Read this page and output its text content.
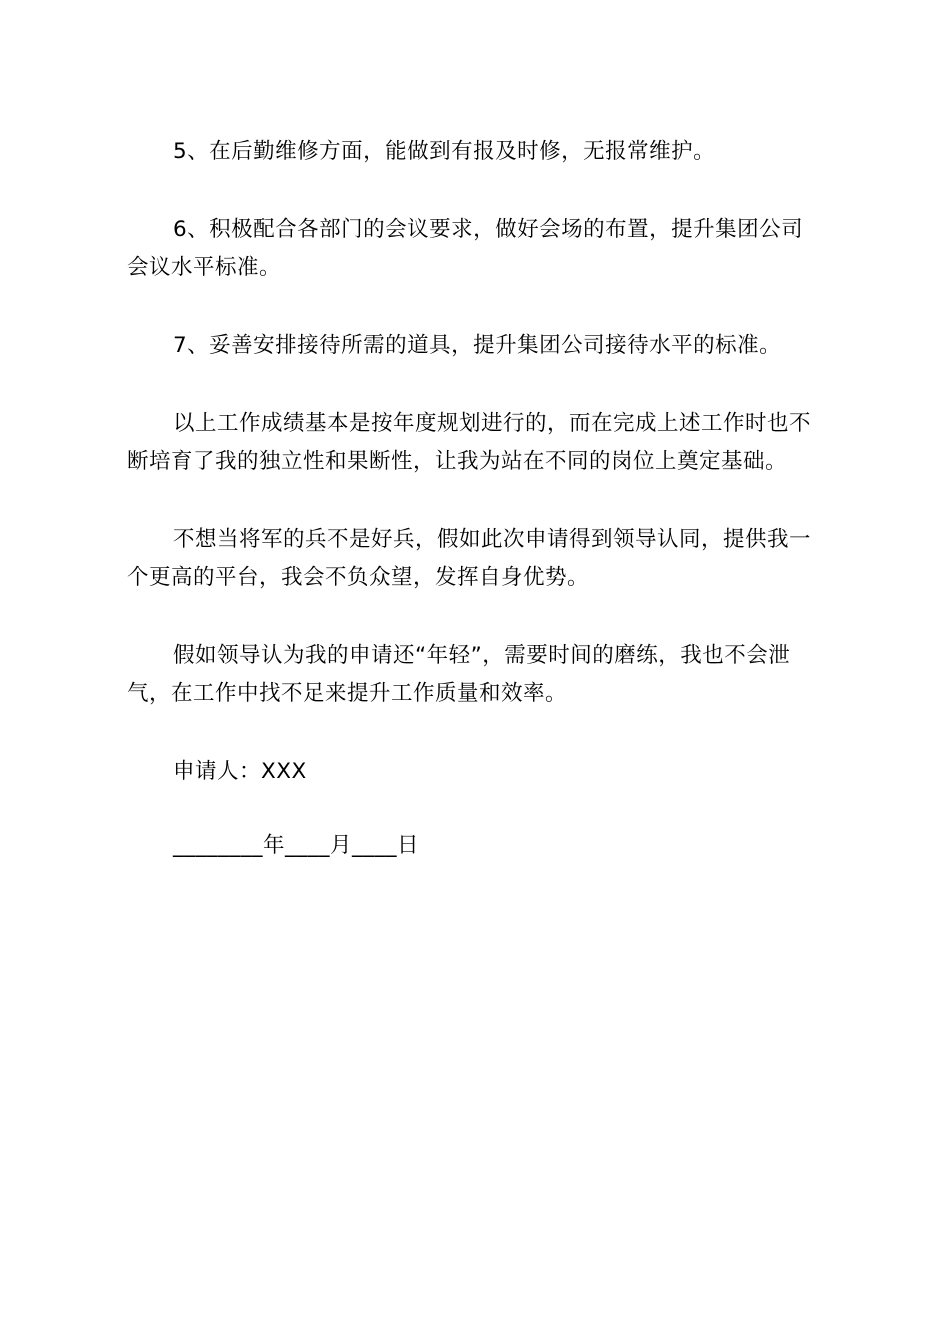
5、在后勤维修方面，能做到有报及时修，无报常维护。

6、积极配合各部门的会议要求，做好会场的布置，提升集团公司会议水平标准。

7、妥善安排接待所需的道具，提升集团公司接待水平的标准。

以上工作成绩基本是按年度规划进行的，而在完成上述工作时也不断培育了我的独立性和果断性，让我为站在不同的岗位上奠定基础。

不想当将军的兵不是好兵，假如此次申请得到领导认同，提供我一个更高的平台，我会不负众望，发挥自身优势。

假如领导认为我的申请还“年轻”，需要时间的磨练，我也不会泄气，在工作中找不足来提升工作质量和效率。

申请人：XXX

________年____月____日
